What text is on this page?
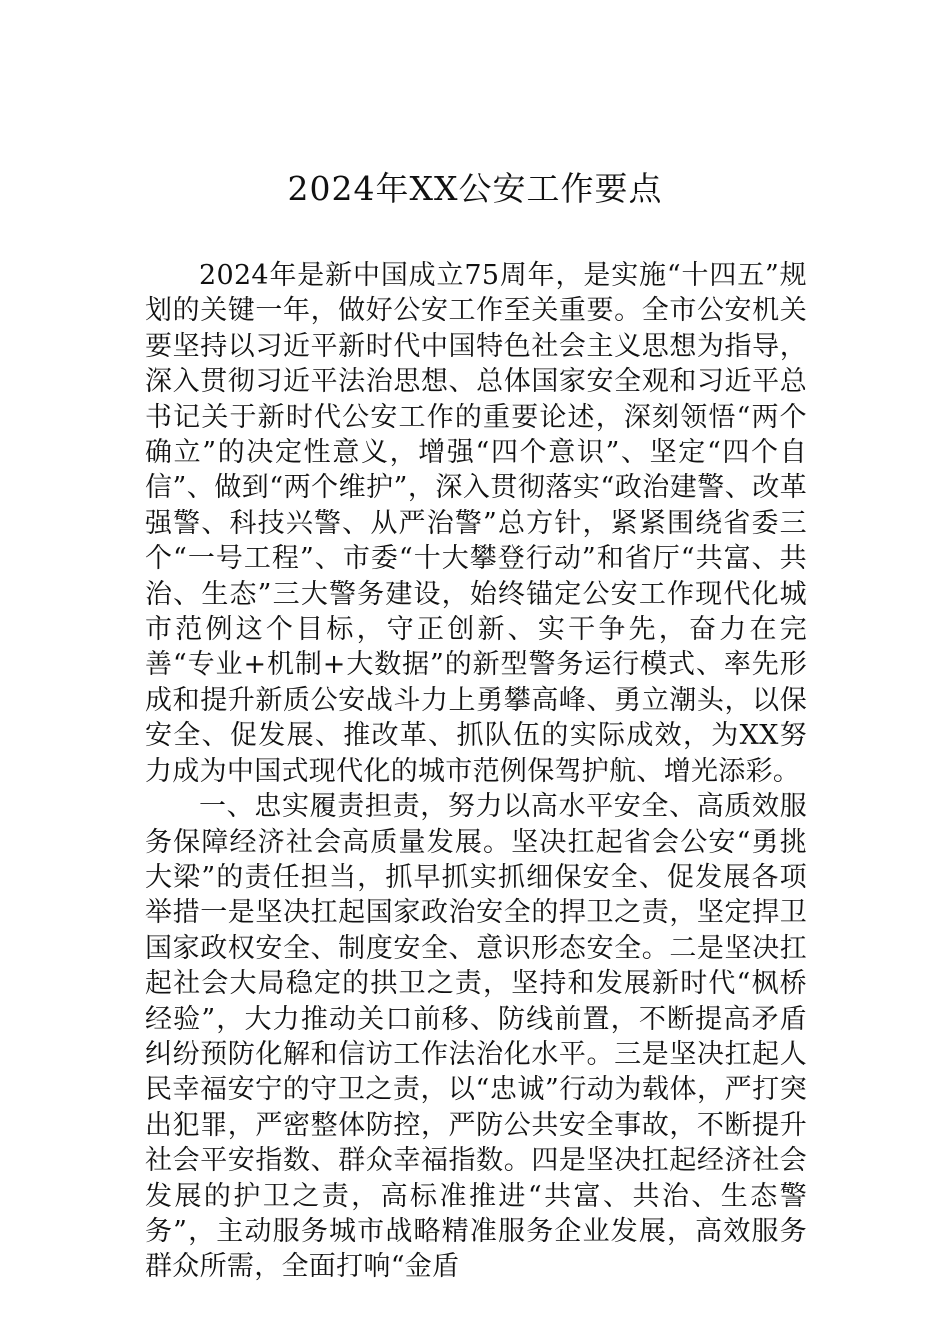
2024年XX公安工作要点

2024年是新中国成立75周年，是实施“十四五”规划的关键一年，做好公安工作至关重要。全市公安机关要坚持以习近平新时代中国特色社会主义思想为指导，深入贯彻习近平法治思想、总体国家安全观和习近平总书记关于新时代公安工作的重要论述，深刻领悟“两个确立”的决定性意义，增强“四个意识”、坚定“四个自信”、做到“两个维护”，深入贯彻落实“政治建警、改革强警、科技兴警、从严治警”总方针，紧紧围绕省委三个“一号工程”、市委“十大攀登行动”和省厅“共富、共治、生态”三大警务建设，始终锚定公安工作现代化城市范例这个目标，守正创新、实干争先，奋力在完善“专业+机制+大数据”的新型警务运行模式、率先形成和提升新质公安战斗力上勇攀高峰、勇立潮头，以保安全、促发展、推改革、抓队伍的实际成效，为XX努力成为中国式现代化的城市范例保驾护航、增光添彩。

一、忠实履责担责，努力以高水平安全、高质效服务保障经济社会高质量发展。坚决扛起省会公安“勇挑大梁”的责任担当，抓早抓实抓细保安全、促发展各项举措一是坚决扛起国家政治安全的捍卫之责，坚定捍卫国家政权安全、制度安全、意识形态安全。二是坚决扛起社会大局稳定的拱卫之责，坚持和发展新时代“枫桥经验”，大力推动关口前移、防线前置，不断提高矛盾纠纷预防化解和信访工作法治化水平。三是坚决扛起人民幸福安宁的守卫之责，以“忠诚”行动为载体，严打突出犯罪，严密整体防控，严防公共安全事故，不断提升社会平安指数、群众幸福指数。四是坚决扛起经济社会发展的护卫之责，高标准推进“共富、共治、生态警务”，主动服务城市战略精准服务企业发展，高效服务群众所需，全面打响“金盾
